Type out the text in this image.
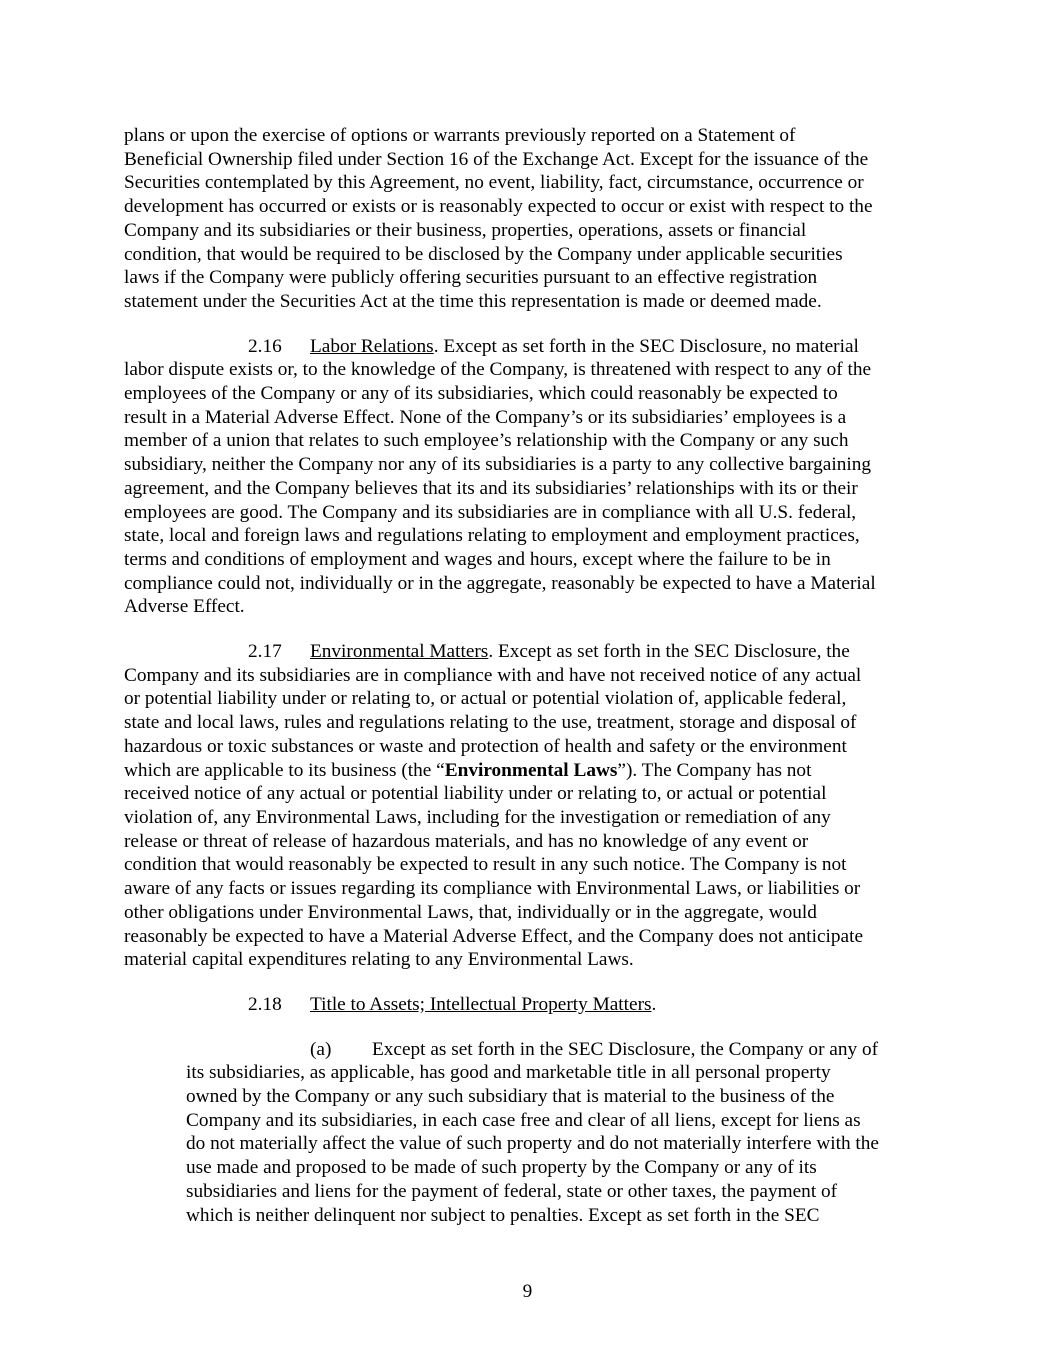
plans or upon the exercise of options or warrants previously reported on a Statement of
Beneficial Ownership filed under Section 16 of the Exchange Act. Except for the issuance of the
Securities contemplated by this Agreement, no event, liability, fact, circumstance, occurrence or
development has occurred or exists or is reasonably expected to occur or exist with respect to the
Company and its subsidiaries or their business, properties, operations, assets or financial
condition, that would be required to be disclosed by the Company under applicable securities
laws if the Company were publicly offering securities pursuant to an effective registration
statement under the Securities Act at the time this representation is made or deemed made.
2.16 Labor Relations. Except as set forth in the SEC Disclosure, no material
labor dispute exists or, to the knowledge of the Company, is threatened with respect to any of the
employees of the Company or any of its subsidiaries, which could reasonably be expected to
result in a Material Adverse Effect. None of the Company’s or its subsidiaries’ employees is a
member of a union that relates to such employee’s relationship with the Company or any such
subsidiary, neither the Company nor any of its subsidiaries is a party to any collective bargaining
agreement, and the Company believes that its and its subsidiaries’ relationships with its or their
employees are good. The Company and its subsidiaries are in compliance with all U.S. federal,
state, local and foreign laws and regulations relating to employment and employment practices,
terms and conditions of employment and wages and hours, except where the failure to be in
compliance could not, individually or in the aggregate, reasonably be expected to have a Material
Adverse Effect.
2.17 Environmental Matters. Except as set forth in the SEC Disclosure, the
Company and its subsidiaries are in compliance with and have not received notice of any actual
or potential liability under or relating to, or actual or potential violation of, applicable federal,
state and local laws, rules and regulations relating to the use, treatment, storage and disposal of
hazardous or toxic substances or waste and protection of health and safety or the environment
which are applicable to its business (the “Environmental Laws”). The Company has not
received notice of any actual or potential liability under or relating to, or actual or potential
violation of, any Environmental Laws, including for the investigation or remediation of any
release or threat of release of hazardous materials, and has no knowledge of any event or
condition that would reasonably be expected to result in any such notice. The Company is not
aware of any facts or issues regarding its compliance with Environmental Laws, or liabilities or
other obligations under Environmental Laws, that, individually or in the aggregate, would
reasonably be expected to have a Material Adverse Effect, and the Company does not anticipate
material capital expenditures relating to any Environmental Laws.
2.18 Title to Assets; Intellectual Property Matters.
(a) Except as set forth in the SEC Disclosure, the Company or any of
its subsidiaries, as applicable, has good and marketable title in all personal property
owned by the Company or any such subsidiary that is material to the business of the
Company and its subsidiaries, in each case free and clear of all liens, except for liens as
do not materially affect the value of such property and do not materially interfere with the
use made and proposed to be made of such property by the Company or any of its
subsidiaries and liens for the payment of federal, state or other taxes, the payment of
which is neither delinquent nor subject to penalties. Except as set forth in the SEC
9
